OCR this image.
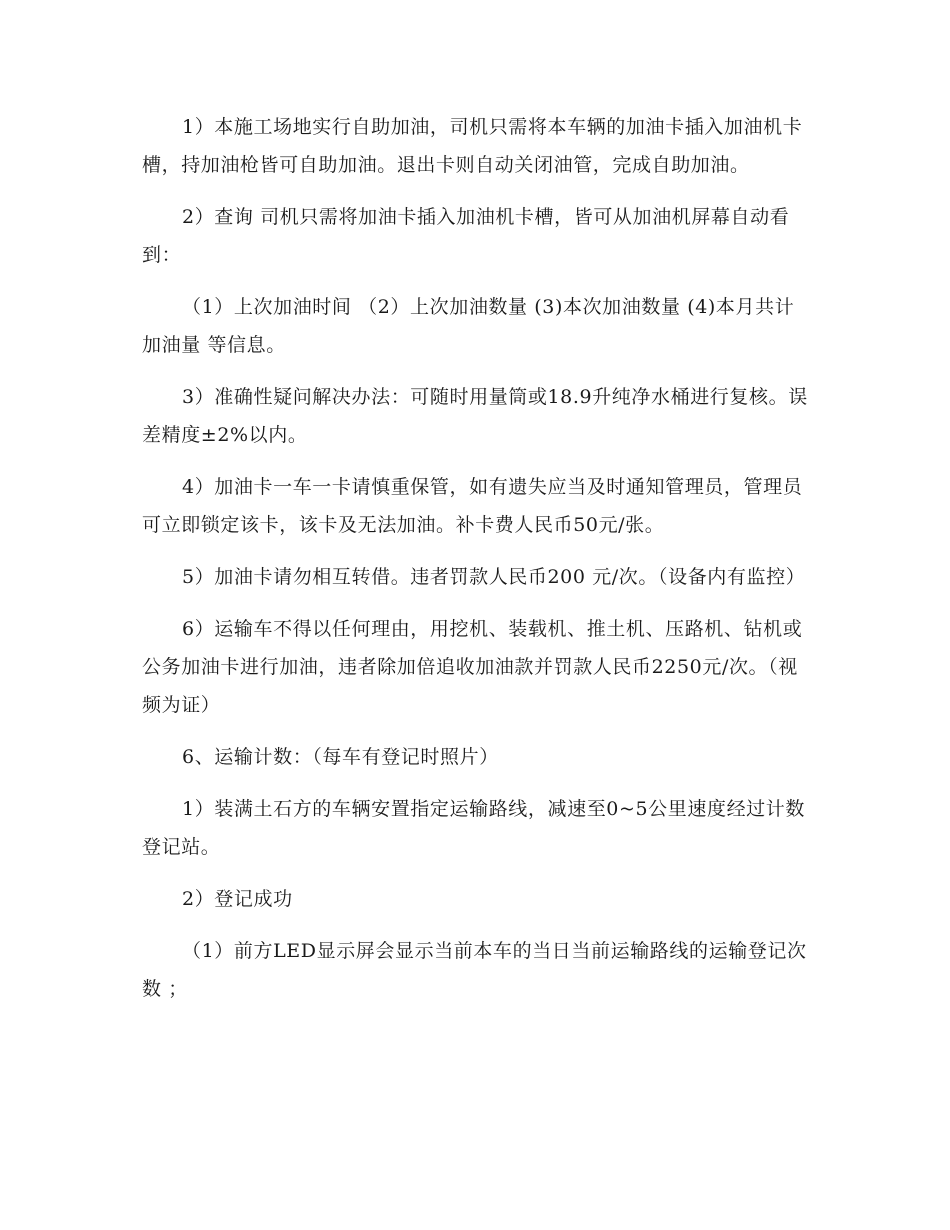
1）本施工场地实行自助加油，司机只需将本车辆的加油卡插入加油机卡槽，持加油枪皆可自助加油。退出卡则自动关闭油管，完成自助加油。

2）查询 司机只需将加油卡插入加油机卡槽，皆可从加油机屏幕自动看到：

（1）上次加油时间 （2）上次加油数量 (3)本次加油数量 (4)本月共计加油量 等信息。

3）准确性疑问解决办法：可随时用量筒或18.9升纯净水桶进行复核。误差精度±2%以内。

4）加油卡一车一卡请慎重保管，如有遗失应当及时通知管理员，管理员可立即锁定该卡，该卡及无法加油。补卡费人民币50元/张。

5）加油卡请勿相互转借。违者罚款人民币200 元/次。（设备内有监控）

6）运输车不得以任何理由，用挖机、装载机、推土机、压路机、钻机或公务加油卡进行加油，违者除加倍追收加油款并罚款人民币2250元/次。（视频为证）

6、运输计数：（每车有登记时照片）

1）装满土石方的车辆安置指定运输路线，减速至0~5公里速度经过计数登记站。

2）登记成功

（1）前方LED显示屏会显示当前本车的当日当前运输路线的运输登记次数 ；
